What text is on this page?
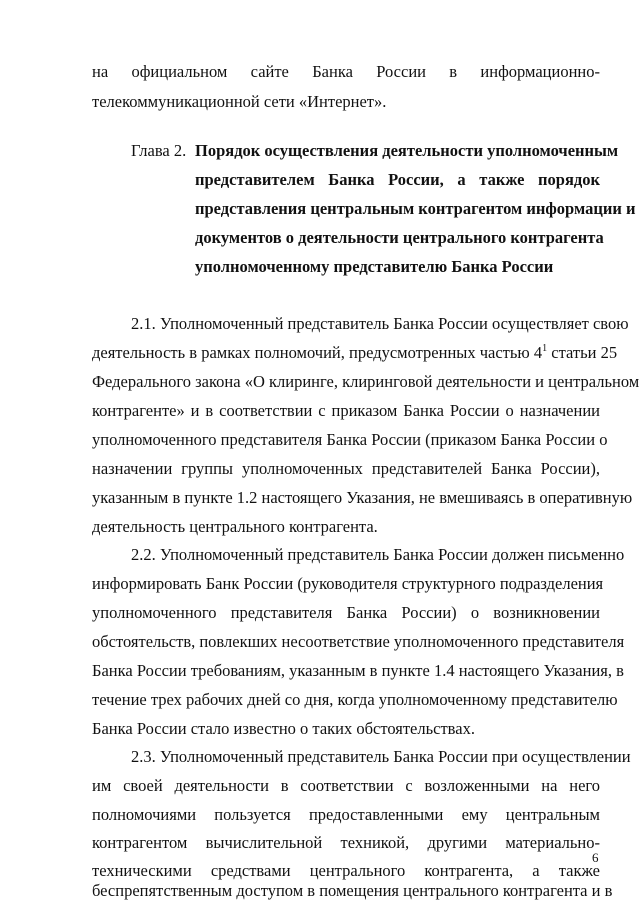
на официальном сайте Банка России в информационно-
телекоммуникационной сети «Интернет».
Глава 2. Порядок осуществления деятельности уполномоченным
представителем Банка России, а также порядок
представления центральным контрагентом информации и
документов о деятельности центрального контрагента
уполномоченному представителю Банка России
2.1. Уполномоченный представитель Банка России осуществляет свою
деятельность в рамках полномочий, предусмотренных частью $4^1$ статьи 25
Федерального закона «О клиринге, клиринговой деятельности и центральном
контрагенте» и в соответствии с приказом Банка России о назначении
уполномоченного представителя Банка России (приказом Банка России о
назначении группы уполномоченных представителей Банка России),
указанным в пункте 1.2 настоящего Указания, не вмешиваясь в оперативную
деятельность центрального контрагента.
2.2. Уполномоченный представитель Банка России должен письменно
информировать Банк России (руководителя структурного подразделения
уполномоченного представителя Банка России) о возникновении
обстоятельств, повлекших несоответствие уполномоченного представителя
Банка России требованиям, указанным в пункте 1.4 настоящего Указания, в
течение трех рабочих дней со дня, когда уполномоченному представителю
Банка России стало известно о таких обстоятельствах.
2.3. Уполномоченный представитель Банка России при осуществлении
им своей деятельности в соответствии с возложенными на него
полномочиями пользуется предоставленными ему центральным
контрагентом вычислительной техникой, другими материально-
техническими средствами центрального контрагента, а также
беспрепятственным доступом в помещения центрального контрагента и в
6
